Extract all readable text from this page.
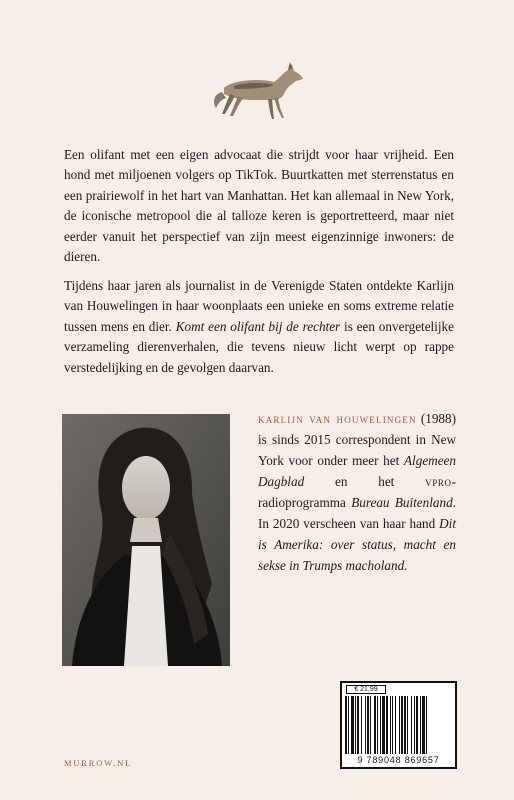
Een olifant met een eigen advocaat die strijdt voor haar vrijheid. Een hond met miljoenen volgers op TikTok. Buurtkatten met sterrenstatus en een prairiewolf in het hart van Manhattan. Het kan allemaal in New York, de iconische metropool die al talloze keren is geportretteerd, maar niet eerder vanuit het perspectief van zijn meest eigenzinnige inwoners: de dieren.

Tijdens haar jaren als journalist in de Verenigde Staten ontdekte Karlijn van Houwelingen in haar woonplaats een unieke en soms extreme relatie tussen mens en dier. Komt een olifant bij de rechter is een onvergetelijke verzameling dierenverhalen, die tevens nieuw licht werpt op rappe verstedelijking en de gevolgen daarvan.

karlijn van houwelingen (1988) is sinds 2015 correspondent in New York voor onder meer het Algemeen Dagblad en het vpro-radioprogramma Bureau Buitenland. In 2020 verscheen van haar hand Dit is Amerika: over status, macht en sekse in Trumps macholand.

MURROW.NL
€ 21,99
9 789048 869657
